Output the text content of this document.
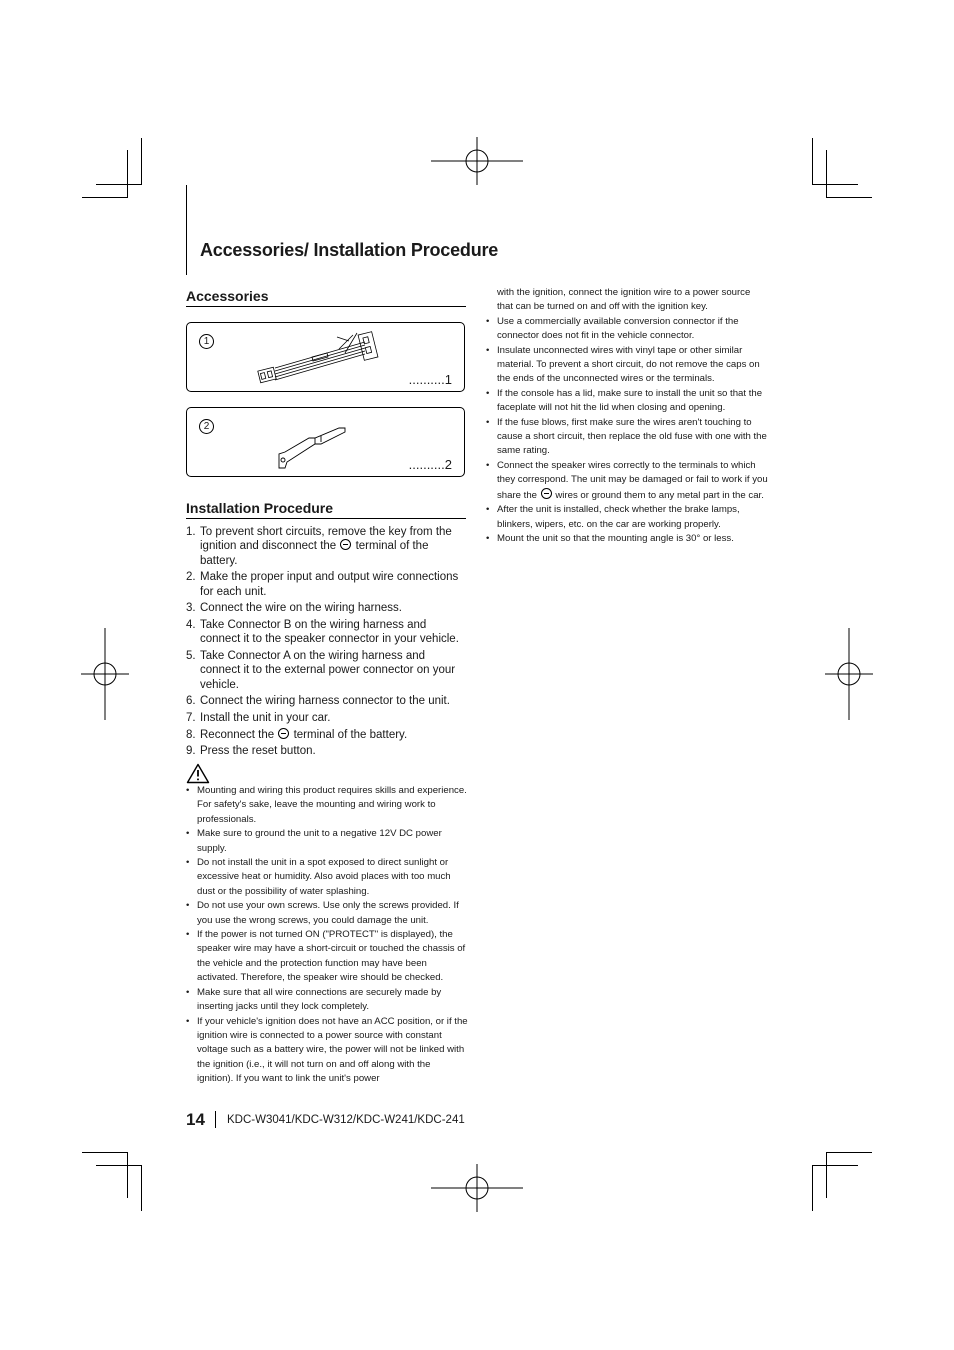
Accessories/ Installation Procedure
Accessories
1
..........1
2
..........2
Installation Procedure
1. To prevent short circuits, remove the key from the ignition and disconnect the terminal of the battery.
2. Make the proper input and output wire connections for each unit.
3. Connect the wire on the wiring harness.
4. Take Connector B on the wiring harness and connect it to the speaker connector in your vehicle.
5. Take Connector A on the wiring harness and connect it to the external power connector on your vehicle.
6. Connect the wiring harness connector to the unit.
7. Install the unit in your car.
8. Reconnect the terminal of the battery.
9. Press the reset button.
• Mounting and wiring this product requires skills and experience. For safety's sake, leave the mounting and wiring work to professionals.
• Make sure to ground the unit to a negative 12V DC power supply.
• Do not install the unit in a spot exposed to direct sunlight or excessive heat or humidity. Also avoid places with too much dust or the possibility of water splashing.
• Do not use your own screws. Use only the screws provided. If you use the wrong screws, you could damage the unit.
• If the power is not turned ON ("PROTECT" is displayed), the speaker wire may have a short-circuit or touched the chassis of the vehicle and the protection function may have been activated. Therefore, the speaker wire should be checked.
• Make sure that all wire connections are securely made by inserting jacks until they lock completely.
• If your vehicle's ignition does not have an ACC position, or if the ignition wire is connected to a power source with constant voltage such as a battery wire, the power will not be linked with the ignition (i.e., it will not turn on and off along with the ignition). If you want to link the unit's power
with the ignition, connect the ignition wire to a power source that can be turned on and off with the ignition key.
• Use a commercially available conversion connector if the connector does not fit in the vehicle connector.
• Insulate unconnected wires with vinyl tape or other similar material. To prevent a short circuit, do not remove the caps on the ends of the unconnected wires or the terminals.
• If the console has a lid, make sure to install the unit so that the faceplate will not hit the lid when closing and opening.
• If the fuse blows, first make sure the wires aren't touching to cause a short circuit, then replace the old fuse with one with the same rating.
• Connect the speaker wires correctly to the terminals to which they correspond. The unit may be damaged or fail to work if you share the wires or ground them to any metal part in the car.
• After the unit is installed, check whether the brake lamps, blinkers, wipers, etc. on the car are working properly.
• Mount the unit so that the mounting angle is 30° or less.
14 KDC-W3041/KDC-W312/KDC-W241/KDC-241
